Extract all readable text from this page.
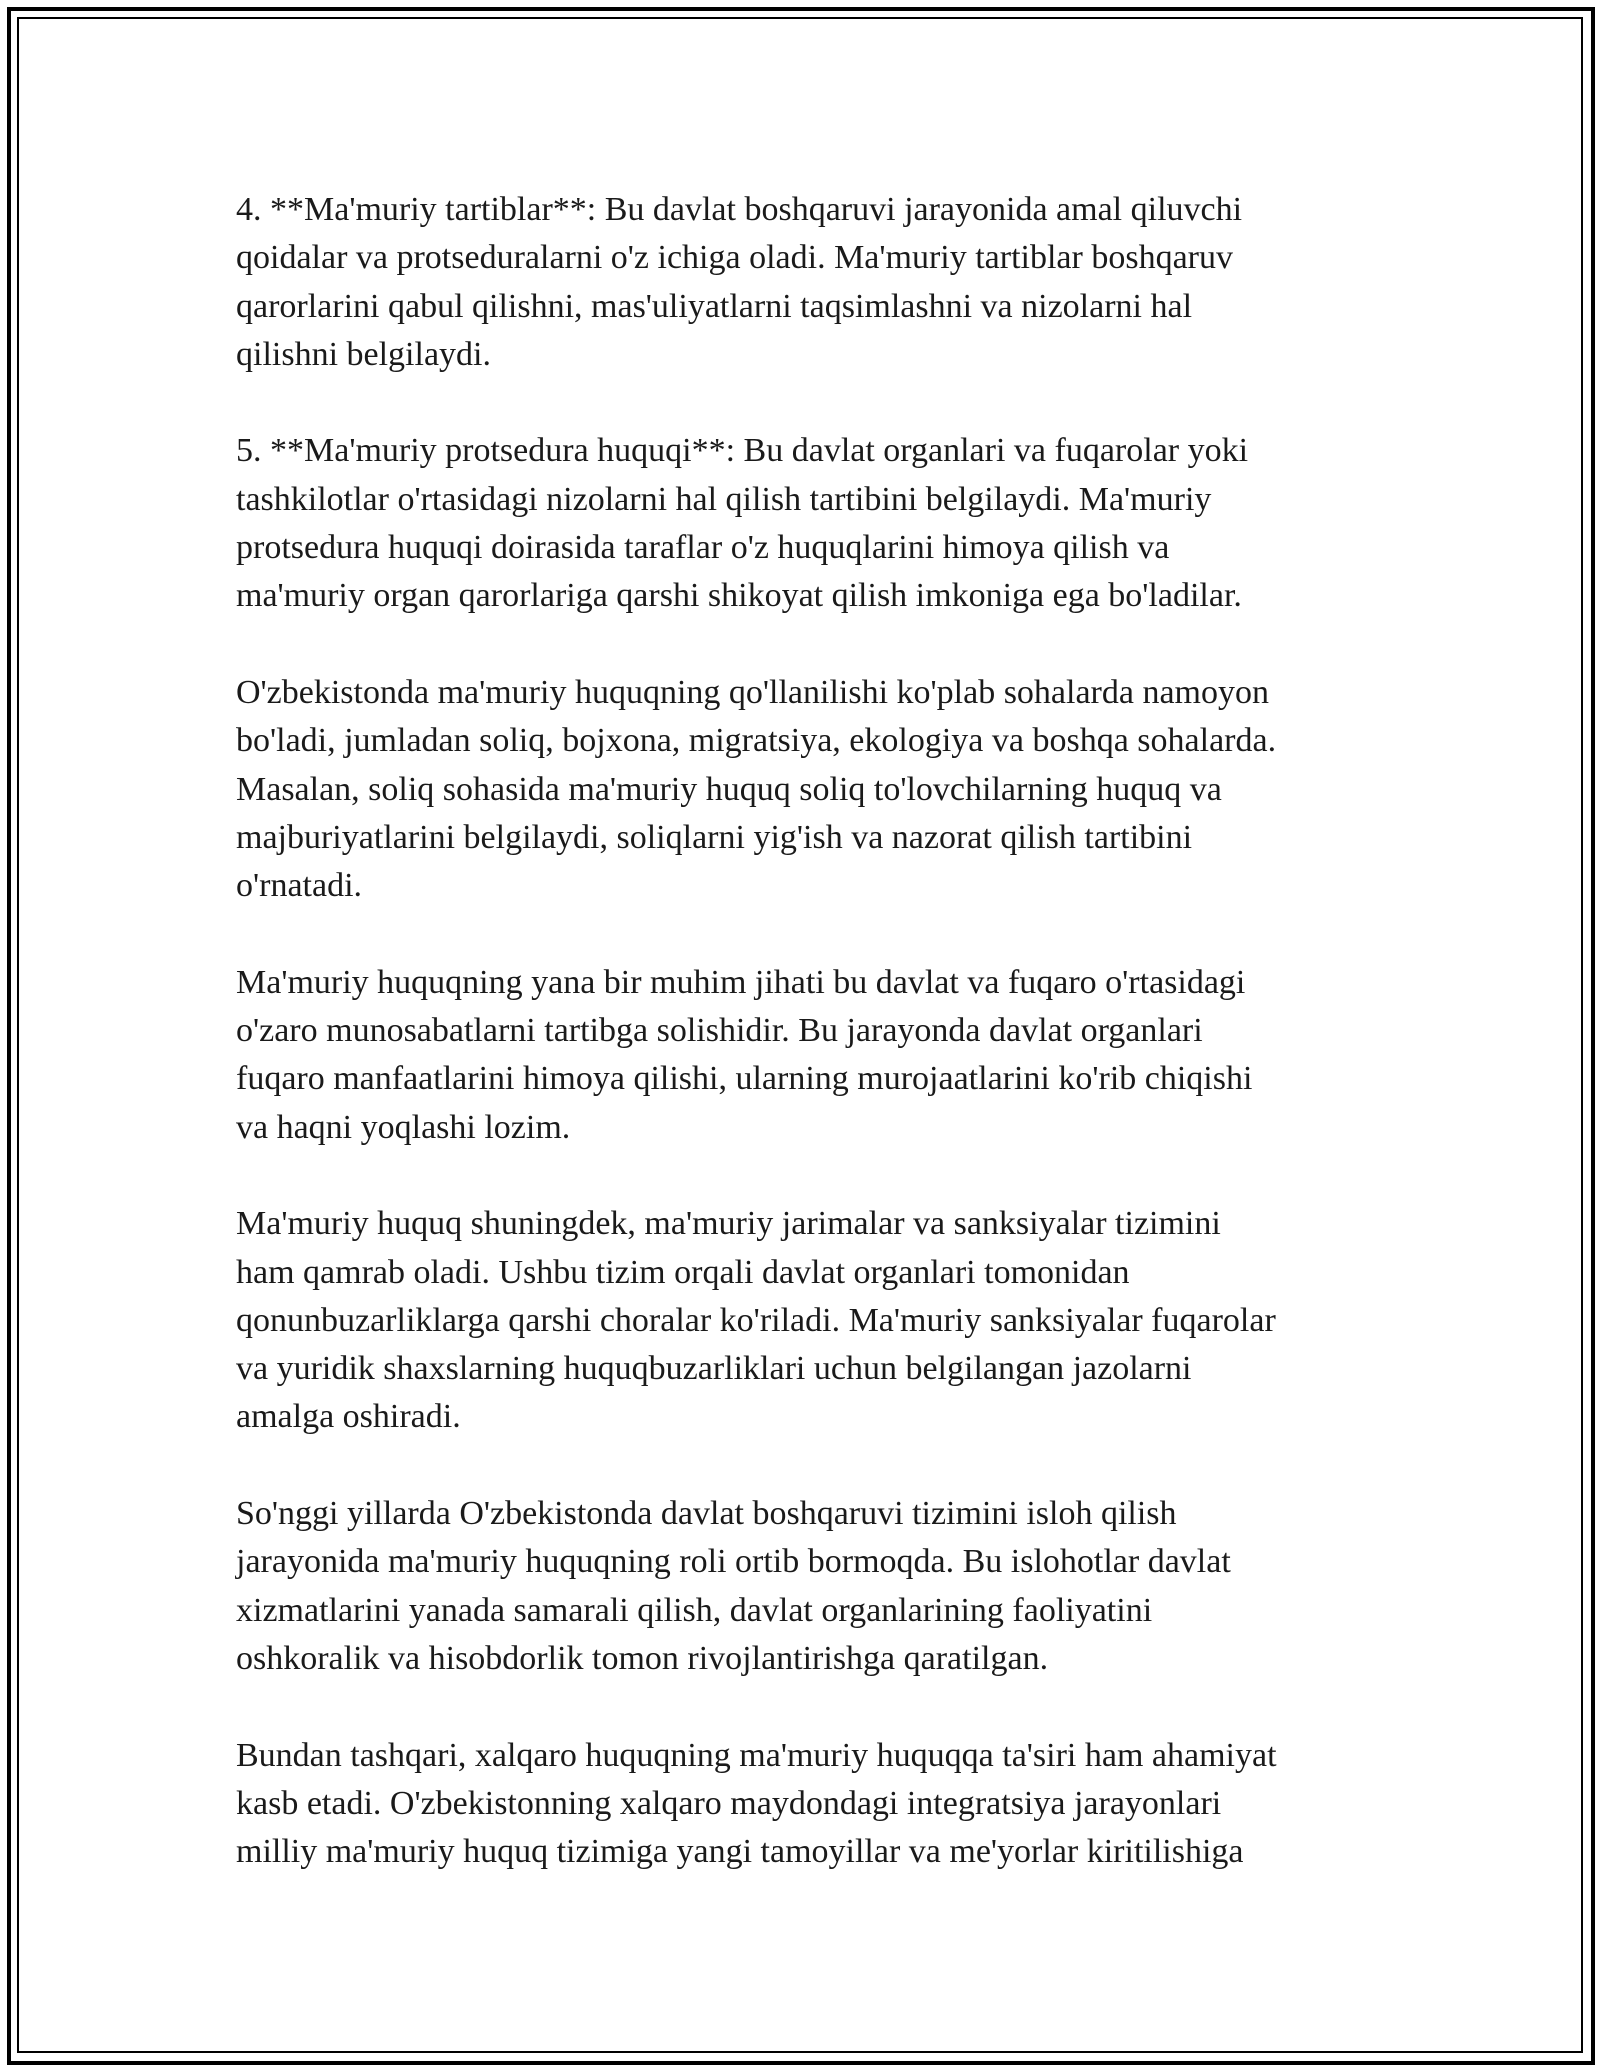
4. **Ma'muriy tartiblar**: Bu davlat boshqaruvi jarayonida amal qiluvchi
qoidalar va protseduralarni o'z ichiga oladi. Ma'muriy tartiblar boshqaruv
qarorlarini qabul qilishni, mas'uliyatlarni taqsimlashni va nizolarni hal
qilishni belgilaydi.

5. **Ma'muriy protsedura huquqi**: Bu davlat organlari va fuqarolar yoki
tashkilotlar o'rtasidagi nizolarni hal qilish tartibini belgilaydi. Ma'muriy
protsedura huquqi doirasida taraflar o'z huquqlarini himoya qilish va
ma'muriy organ qarorlariga qarshi shikoyat qilish imkoniga ega bo'ladilar.

O'zbekistonda ma'muriy huquqning qo'llanilishi ko'plab sohalarda namoyon
bo'ladi, jumladan soliq, bojxona, migratsiya, ekologiya va boshqa sohalarda.
Masalan, soliq sohasida ma'muriy huquq soliq to'lovchilarning huquq va
majburiyatlarini belgilaydi, soliqlarni yig'ish va nazorat qilish tartibini
o'rnatadi.

Ma'muriy huquqning yana bir muhim jihati bu davlat va fuqaro o'rtasidagi
o'zaro munosabatlarni tartibga solishidir. Bu jarayonda davlat organlari
fuqaro manfaatlarini himoya qilishi, ularning murojaatlarini ko'rib chiqishi
va haqni yoqlashi lozim.

Ma'muriy huquq shuningdek, ma'muriy jarimalar va sanksiyalar tizimini
ham qamrab oladi. Ushbu tizim orqali davlat organlari tomonidan
qonunbuzarliklarga qarshi choralar ko'riladi. Ma'muriy sanksiyalar fuqarolar
va yuridik shaxslarning huquqbuzarliklari uchun belgilangan jazolarni
amalga oshiradi.

So'nggi yillarda O'zbekistonda davlat boshqaruvi tizimini isloh qilish
jarayonida ma'muriy huquqning roli ortib bormoqda. Bu islohotlar davlat
xizmatlarini yanada samarali qilish, davlat organlarining faoliyatini
oshkoralik va hisobdorlik tomon rivojlantirishga qaratilgan.

Bundan tashqari, xalqaro huquqning ma'muriy huquqqa ta'siri ham ahamiyat
kasb etadi. O'zbekistonning xalqaro maydondagi integratsiya jarayonlari
milliy ma'muriy huquq tizimiga yangi tamoyillar va me'yorlar kiritilishiga
